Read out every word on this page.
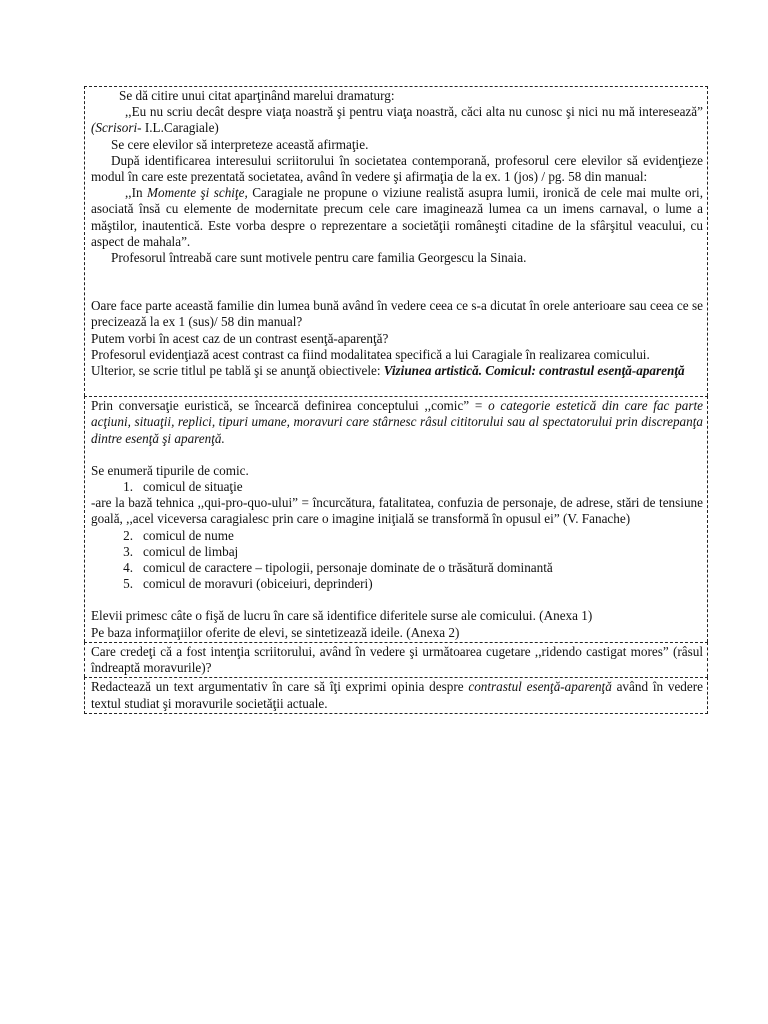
Se dă citire unui citat aparţinând marelui dramaturg:

,,Eu nu scriu decât despre viaţa noastră şi pentru viaţa noastră, căci alta nu cunosc şi nici nu mă interesează” (Scrisori- I.L.Caragiale)

Se cere elevilor să interpreteze această afirmaţie.

După identificarea interesului scriitorului în societatea contemporană, profesorul cere elevilor să evidenţieze modul în care este prezentată societatea, având în vedere şi afirmaţia de la ex. 1 (jos) / pg. 58 din manual:

,,In Momente şi schiţe, Caragiale ne propune o viziune realistă asupra lumii, ironică de cele mai multe ori, asociată însă cu elemente de modernitate precum cele care imaginează lumea ca un imens carnaval, o lume a măştilor, inautentică. Este vorba despre o reprezentare a societăţii româneşti citadine de la sfârşitul veacului, cu aspect de mahala”.

Profesorul întreabă care sunt motivele pentru care familia Georgescu la Sinaia.

Oare face parte această familie din lumea bună având în vedere ceea ce s-a dicutat în orele anterioare sau ceea ce se precizează la ex 1 (sus)/ 58 din manual?

Putem vorbi în acest caz de un contrast esenţă-aparenţă?

Profesorul evidenţiază acest contrast ca fiind modalitatea specifică a lui Caragiale în realizarea comicului.

Ulterior, se scrie titlul pe tablă şi se anunţă obiectivele: Viziunea artistică. Comicul: contrastul esenţă-aparenţă

Prin conversaţie euristică, se încearcă definirea conceptului ,,comic” = o categorie estetică din care fac parte acţiuni, situaţii, replici, tipuri umane, moravuri care stârnesc râsul cititorului sau al spectatorului prin discrepanţa dintre esenţă şi aparenţă.

Se enumeră tipurile de comic.

1. comicul de situaţie

-are la bază tehnica ,,qui-pro-quo-ului” = încurcătura, fatalitatea, confuzia de personaje, de adrese, stări de tensiune goală, ,,acel viceversa caragialesc prin care o imagine iniţială se transformă în opusul ei” (V. Fanache)

2. comicul de nume
3. comicul de limbaj
4. comicul de caractere – tipologii, personaje dominate de o trăsătură dominantă
5. comicul de moravuri (obiceiuri, deprinderi)

Elevii primesc câte o fişă de lucru în care să identifice diferitele surse ale comicului. (Anexa 1)

Pe baza informaţiilor oferite de elevi, se sintetizează ideile. (Anexa 2)

Care credeţi că a fost intenţia scriitorului, având în vedere şi următoarea cugetare ,,ridendo castigat mores” (râsul îndreaptă moravurile)?

Redactează un text argumentativ în care să îţi exprimi opinia despre contrastul esenţă-aparenţă având în vedere textul studiat şi moravurile societăţii actuale.
